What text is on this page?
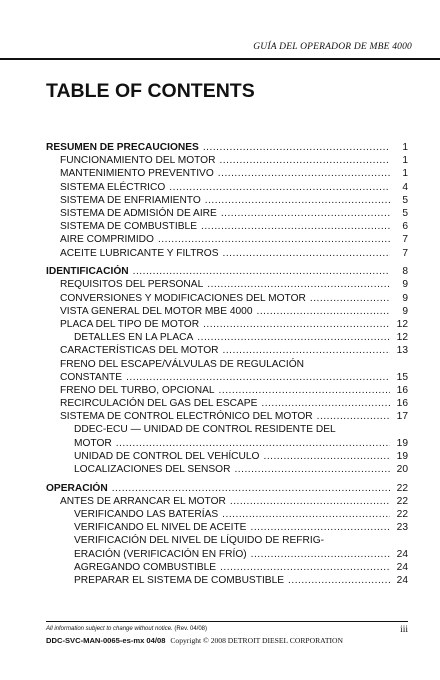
GUÍA DEL OPERADOR DE MBE 4000
TABLE OF CONTENTS
RESUMEN DE PRECAUCIONES .....	1
FUNCIONAMIENTO DEL MOTOR .....	1
MANTENIMIENTO PREVENTIVO .....	1
SISTEMA ELÉCTRICO .....	4
SISTEMA DE ENFRIAMIENTO .....	5
SISTEMA DE ADMISIÓN DE AIRE .....	5
SISTEMA DE COMBUSTIBLE .....	6
AIRE COMPRIMIDO .....	7
ACEITE LUBRICANTE Y FILTROS .....	7
IDENTIFICACIÓN .....	8
REQUISITOS DEL PERSONAL .....	9
CONVERSIONES Y MODIFICACIONES DEL MOTOR .....	9
VISTA GENERAL DEL MOTOR MBE 4000 .....	9
PLACA DEL TIPO DE MOTOR .....	12
DETALLES EN LA PLACA .....	12
CARACTERÍSTICAS DEL MOTOR .....	13
FRENO DEL ESCAPE/VÁLVULAS DE REGULACIÓN
CONSTANTE .....	15
FRENO DEL TURBO, OPCIONAL .....	16
RECIRCULACIÓN DEL GAS DEL ESCAPE .....	16
SISTEMA DE CONTROL ELECTRÓNICO DEL MOTOR .....	17
DDEC-ECU — UNIDAD DE CONTROL RESIDENTE DEL
MOTOR .....	19
UNIDAD DE CONTROL DEL VEHÍCULO .....	19
LOCALIZACIONES DEL SENSOR .....	20
OPERACIÓN .....	22
ANTES DE ARRANCAR EL MOTOR .....	22
VERIFICANDO LAS BATERÍAS .....	22
VERIFICANDO EL NIVEL DE ACEITE .....	23
VERIFICACIÓN DEL NIVEL DE LÍQUIDO DE REFRIG-
ERACIÓN (VERIFICACIÓN EN FRÍO) .....	24
AGREGANDO COMBUSTIBLE .....	24
PREPARAR EL SISTEMA DE COMBUSTIBLE .....	24
All information subject to change without notice. (Rev. 04/08)	iii
DDC-SVC-MAN-0065-es-mx 04/08 Copyright © 2008 DETROIT DIESEL CORPORATION
